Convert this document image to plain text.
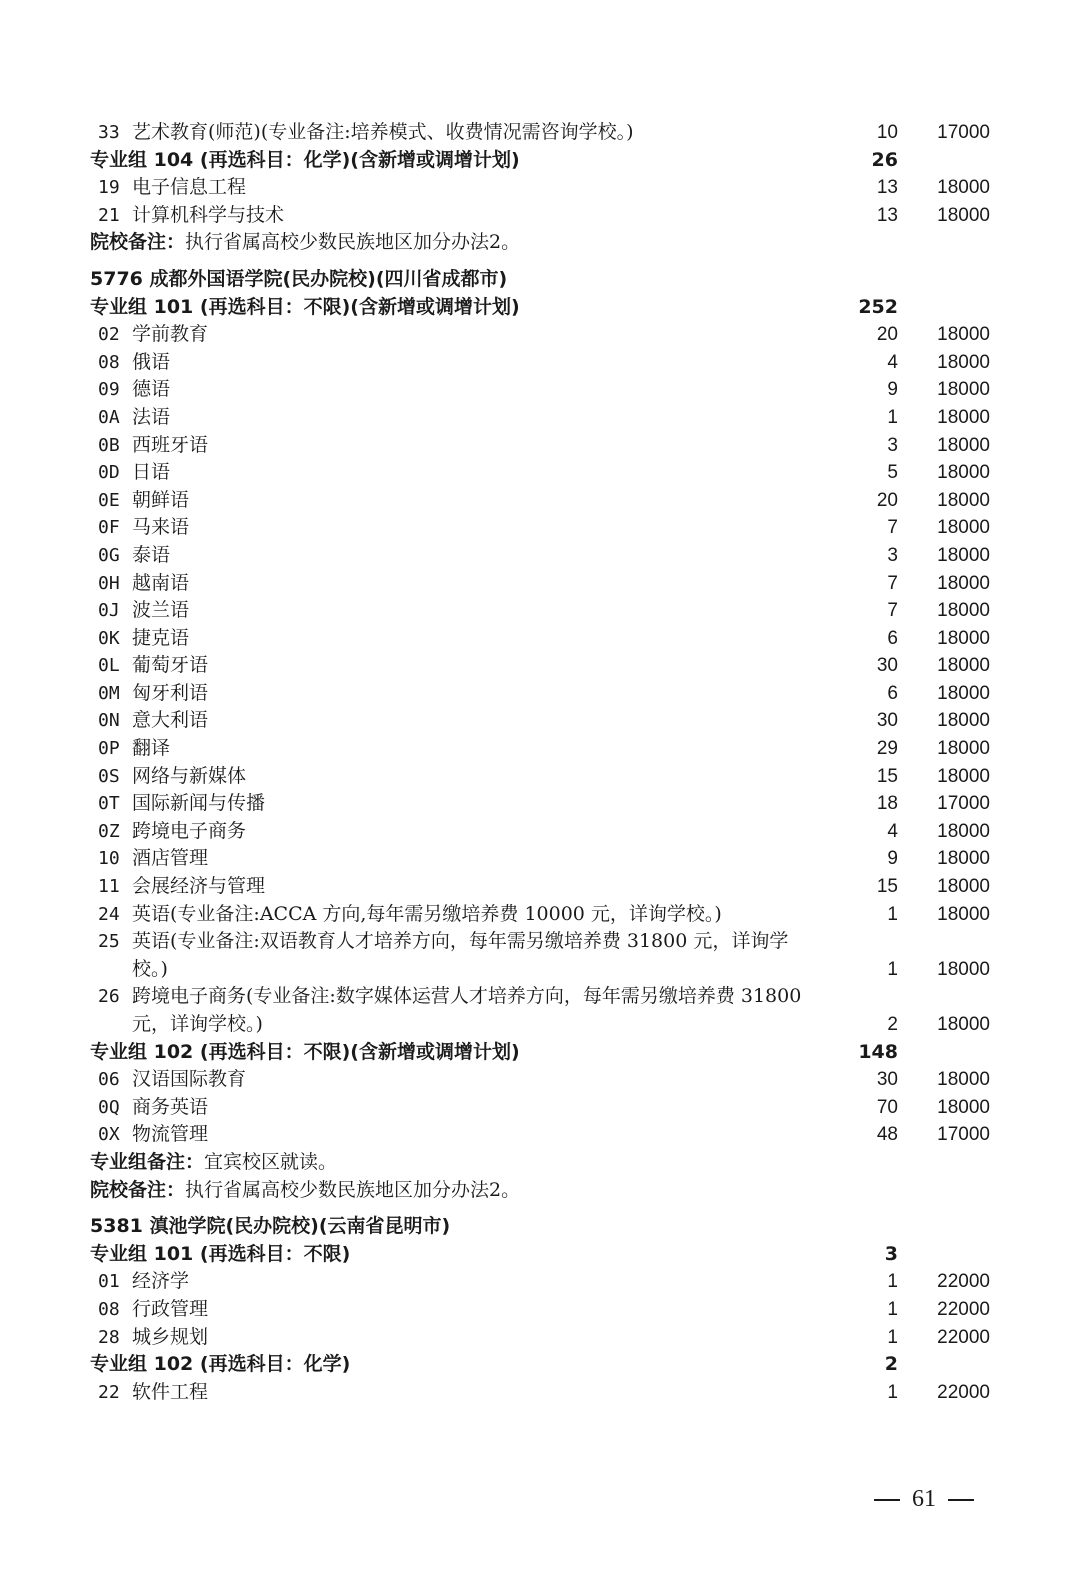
33 艺术教育(师范)(专业备注:培养模式、收费情况需咨询学校。)	10	17000
专业组 104 (再选科目：化学)(含新增或调增计划)	26
19 电子信息工程	13	18000
21 计算机科学与技术	13	18000
院校备注：执行省属高校少数民族地区加分办法2。
5776 成都外国语学院(民办院校)(四川省成都市)
专业组 101 (再选科目：不限)(含新增或调增计划)	252
02 学前教育	20	18000
08 俄语	4	18000
09 德语	9	18000
0A 法语	1	18000
0B 西班牙语	3	18000
0D 日语	5	18000
0E 朝鲜语	20	18000
0F 马来语	7	18000
0G 泰语	3	18000
0H 越南语	7	18000
0J 波兰语	7	18000
0K 捷克语	6	18000
0L 葡萄牙语	30	18000
0M 匈牙利语	6	18000
0N 意大利语	30	18000
0P 翻译	29	18000
0S 网络与新媒体	15	18000
0T 国际新闻与传播	18	17000
0Z 跨境电子商务	4	18000
10 酒店管理	9	18000
11 会展经济与管理	15	18000
24 英语(专业备注:ACCA 方向,每年需另缴培养费 10000 元，详询学校。)	1	18000
25 英语(专业备注:双语教育人才培养方向，每年需另缴培养费 31800 元，详询学校。)	1	18000
26 跨境电子商务(专业备注:数字媒体运营人才培养方向，每年需另缴培养费 31800 元，详询学校。)	2	18000
专业组 102 (再选科目：不限)(含新增或调增计划)	148
06 汉语国际教育	30	18000
0Q 商务英语	70	18000
0X 物流管理	48	17000
专业组备注：宜宾校区就读。
院校备注：执行省属高校少数民族地区加分办法2。
5381 滇池学院(民办院校)(云南省昆明市)
专业组 101 (再选科目：不限)	3
01 经济学	1	22000
08 行政管理	1	22000
28 城乡规划	1	22000
专业组 102 (再选科目：化学)	2
22 软件工程	1	22000
61
